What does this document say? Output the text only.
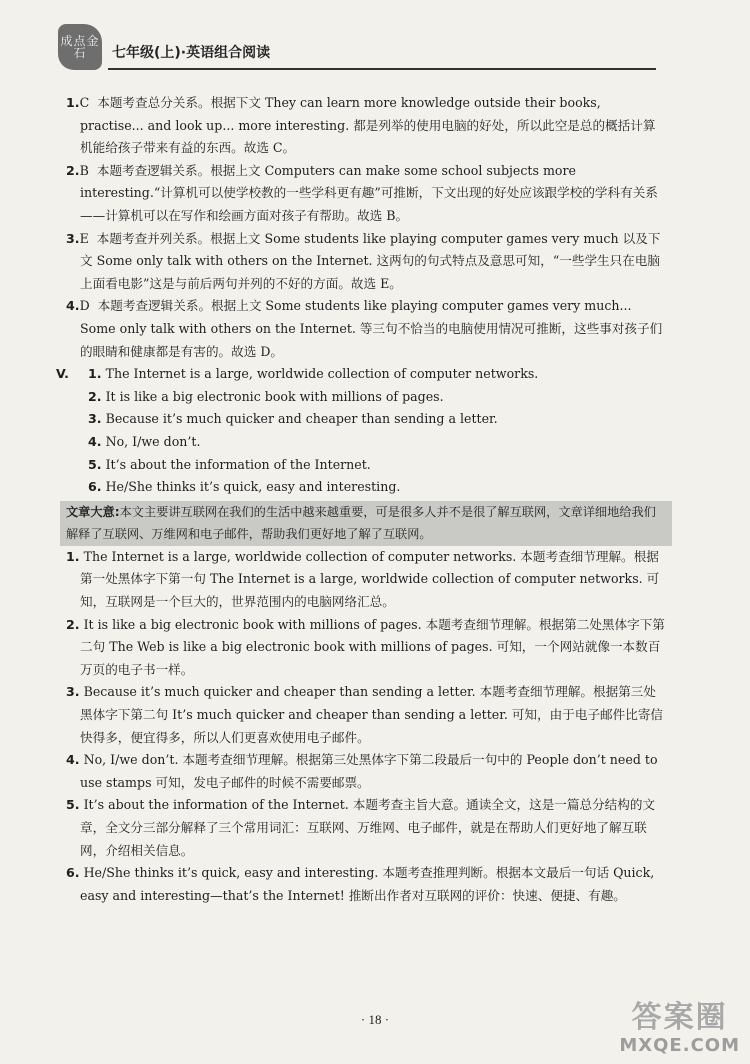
成点金石	七年级(上)·英语组合阅读
1.C 本题考查总分关系。根据下文 They can learn more knowledge outside their books, practise... and look up... more interesting. 都是列举的使用电脑的好处，所以此空是总的概括计算机能给孩子带来有益的东西。故选 C。
2.B 本题考查逻辑关系。根据上文 Computers can make some school subjects more interesting.“计算机可以使学校教的一些学科更有趣”可推断，下文出现的好处应该跟学校的学科有关系——计算机可以在写作和绘画方面对孩子有帮助。故选 B。
3.E 本题考查并列关系。根据上文 Some students like playing computer games very much 以及下文 Some only talk with others on the Internet. 这两句的句式特点及意思可知，“一些学生只在电脑上面看电影”这是与前后两句并列的不好的方面。故选 E。
4.D 本题考查逻辑关系。根据上文 Some students like playing computer games very much... Some only talk with others on the Internet. 等三句不恰当的电脑使用情况可推断，这些事对孩子们的眼睛和健康都是有害的。故选 D。
V. 1. The Internet is a large, worldwide collection of computer networks.
2. It is like a big electronic book with millions of pages.
3. Because it’s much quicker and cheaper than sending a letter.
4. No, I/we don’t.
5. It’s about the information of the Internet.
6. He/She thinks it’s quick, easy and interesting.
文章大意:本文主要讲互联网在我们的生活中越来越重要，可是很多人并不是很了解互联网，文章详细地给我们解释了互联网、万维网和电子邮件，帮助我们更好地了解了互联网。
1. The Internet is a large, worldwide collection of computer networks. 本题考查细节理解。根据第一处黑体字下第一句 The Internet is a large, worldwide collection of computer networks. 可知，互联网是一个巨大的，世界范围内的电脑网络汇总。
2. It is like a big electronic book with millions of pages. 本题考查细节理解。根据第二处黑体字下第二句 The Web is like a big electronic book with millions of pages. 可知，一个网站就像一本数百万页的电子书一样。
3. Because it’s much quicker and cheaper than sending a letter. 本题考查细节理解。根据第三处黑体字下第二句 It’s much quicker and cheaper than sending a letter. 可知，由于电子邮件比寄信快得多，便宜得多，所以人们更喜欢使用电子邮件。
4. No, I/we don’t. 本题考查细节理解。根据第三处黑体字下第二段最后一句中的 People don’t need to use stamps 可知，发电子邮件的时候不需要邮票。
5. It’s about the information of the Internet. 本题考查主旨大意。通读全文，这是一篇总分结构的文章，全文分三部分解释了三个常用词汇：互联网、万维网、电子邮件，就是在帮助人们更好地了解互联网，介绍相关信息。
6. He/She thinks it’s quick, easy and interesting. 本题考查推理判断。根据本文最后一句话 Quick, easy and interesting—that’s the Internet! 推断出作者对互联网的评价：快速、便捷、有趣。
· 18 ·	答案圈
MXQE.COM
